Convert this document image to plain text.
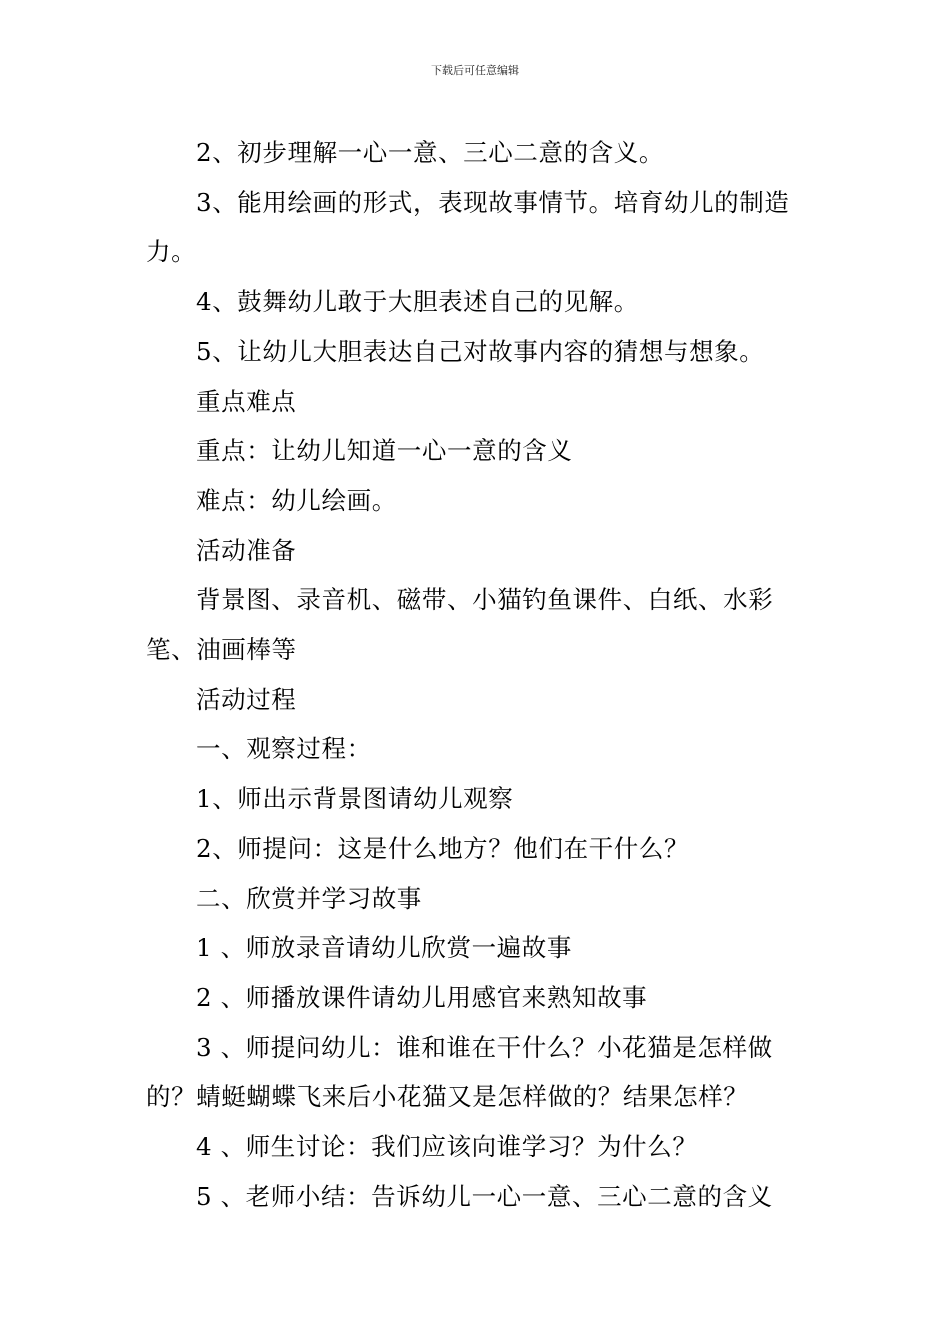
下载后可任意编辑

2、初步理解一心一意、三心二意的含义。

3、能用绘画的形式，表现故事情节。培育幼儿的制造力。

4、鼓舞幼儿敢于大胆表述自己的见解。

5、让幼儿大胆表达自己对故事内容的猜想与想象。

重点难点

重点：让幼儿知道一心一意的含义

难点：幼儿绘画。

活动准备

背景图、录音机、磁带、小猫钓鱼课件、白纸、水彩笔、油画棒等

活动过程

一、观察过程：

1、师出示背景图请幼儿观察

2、师提问：这是什么地方？他们在干什么？

二、欣赏并学习故事

1 、师放录音请幼儿欣赏一遍故事

2 、师播放课件请幼儿用感官来熟知故事

3 、师提问幼儿：谁和谁在干什么？小花猫是怎样做的？蜻蜓蝴蝶飞来后小花猫又是怎样做的？结果怎样？

4 、师生讨论：我们应该向谁学习？为什么？

5 、老师小结：告诉幼儿一心一意、三心二意的含义
